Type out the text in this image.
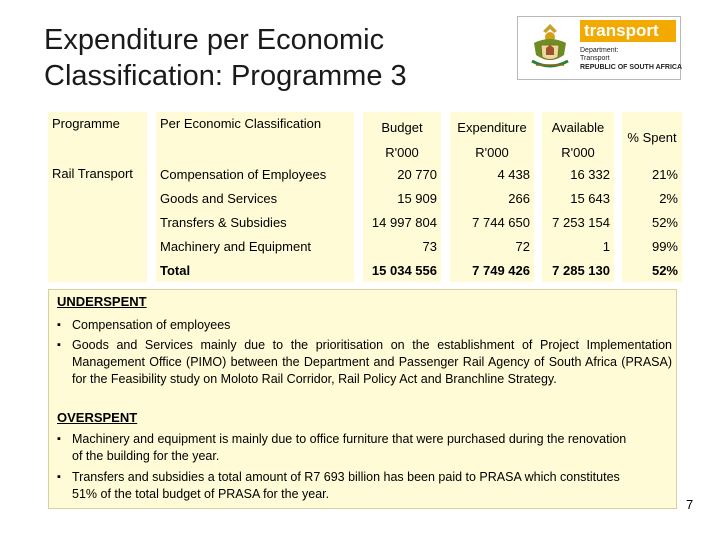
Expenditure per Economic
Classification: Programme 3
transport
Department:
Transport
REPUBLIC OF SOUTH AFRICA
Programme		Per Economic Classification		Budget		Expenditure		Available		% Spent
				R'000		R'000		R'000		
Rail Transport		Compensation of Employees		20 770		4 438		16 332		21%
		Goods and Services		15 909		266		15 643		2%
		Transfers & Subsidies		14 997 804		7 744 650		7 253 154		52%
		Machinery and Equipment		73		72		1		99%
		Total		15 034 556		7 749 426		7 285 130		52%
UNDERSPENT
▪ Compensation of employees
▪ Goods and Services mainly due to the prioritisation on the establishment of Project Implementation Management Office (PIMO) between the Department and Passenger Rail Agency of South Africa (PRASA) for the Feasibility study on Moloto Rail Corridor, Rail Policy Act and Branchline Strategy.
OVERSPENT
▪ Machinery and equipment is mainly due to office furniture that were purchased during the renovation of the building for the year.
▪ Transfers and subsidies a total amount of R7 693 billion has been paid to PRASA which constitutes 51% of the total budget of PRASA for the year.
7
